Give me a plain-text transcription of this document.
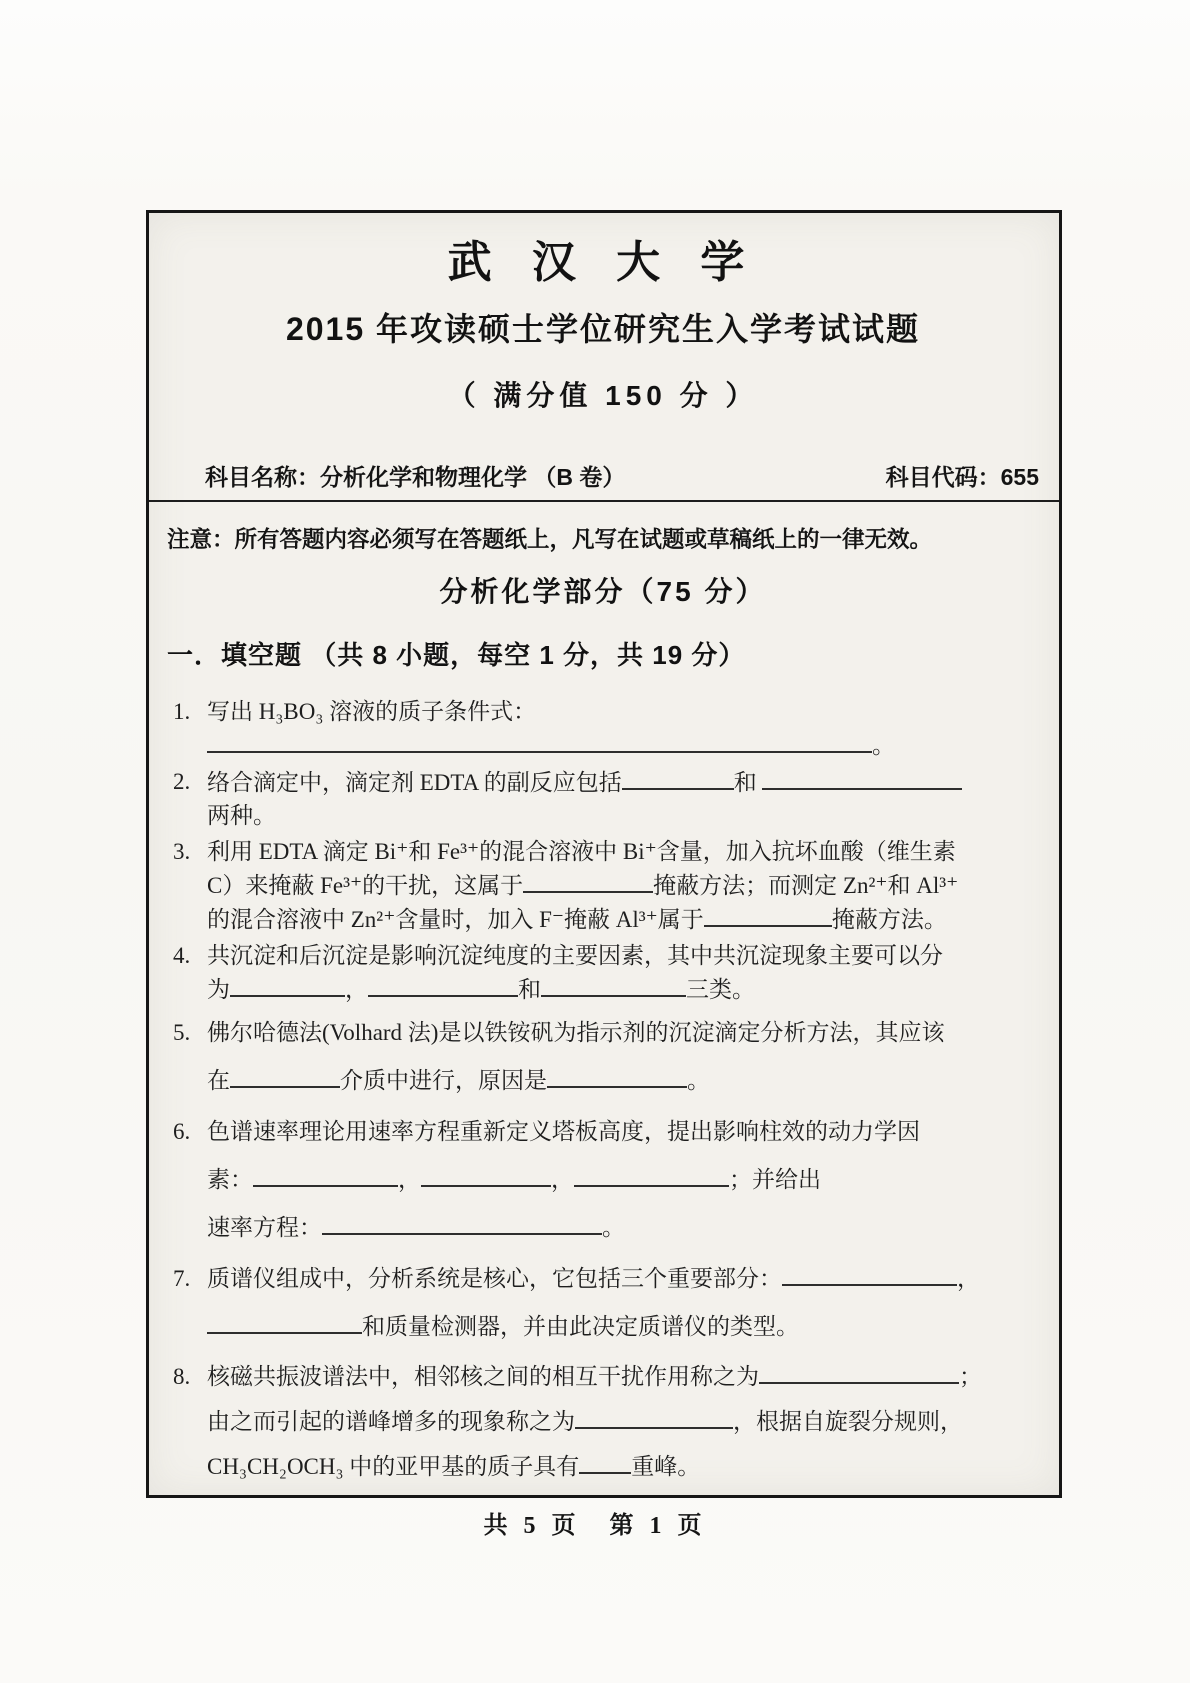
武 汉 大 学
2015 年攻读硕士学位研究生入学考试试题
（ 满分值 150 分 ）
科目名称：分析化学和物理化学 （B 卷）	科目代码：655

注意：所有答题内容必须写在答题纸上，凡写在试题或草稿纸上的一律无效。

分析化学部分（75 分）
一．填空题 （共 8 小题，每空 1 分，共 19 分）
1. 写出 H₃BO₃ 溶液的质子条件式：
。
2. 络合滴定中，滴定剂 EDTA 的副反应包括	和
两种。
3. 利用 EDTA 滴定 Bi⁺和 Fe³⁺的混合溶液中 Bi⁺含量，加入抗坏血酸（维生素
C）来掩蔽 Fe³⁺的干扰，这属于	掩蔽方法；而测定 Zn²⁺和 Al³⁺
的混合溶液中 Zn²⁺含量时，加入 F⁻掩蔽 Al³⁺属于	掩蔽方法。
4. 共沉淀和后沉淀是影响沉淀纯度的主要因素，其中共沉淀现象主要可以分
为	，	和	三类。
5. 佛尔哈德法(Volhard 法)是以铁铵矾为指示剂的沉淀滴定分析方法，其应该
在	介质中进行，原因是	。
6. 色谱速率理论用速率方程重新定义塔板高度，提出影响柱效的动力学因
素：	，	，	；并给出
速率方程：	。
7. 质谱仪组成中，分析系统是核心，它包括三个重要部分：	，
和质量检测器，并由此决定质谱仪的类型。
8. 核磁共振波谱法中，相邻核之间的相互干扰作用称之为	；
由之而引起的谱峰增多的现象称之为	，根据自旋裂分规则，
CH₃CH₂OCH₃ 中的亚甲基的质子具有 重峰。
共 5 页　第 1 页
